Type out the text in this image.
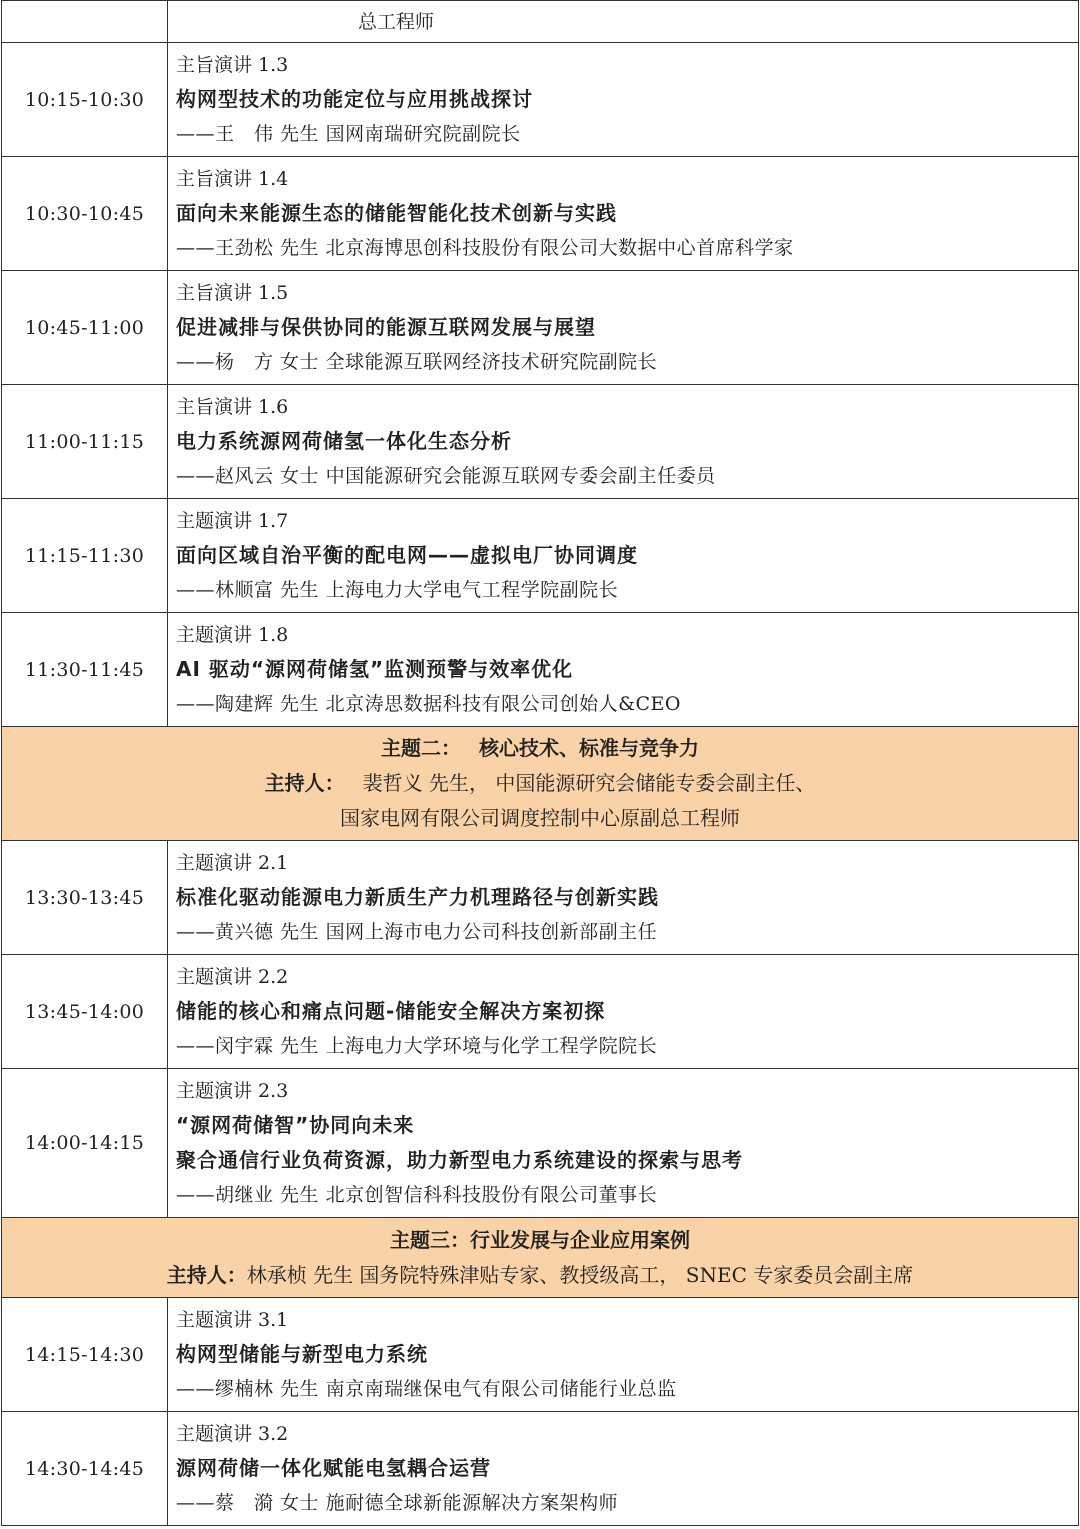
	总工程师

10:15-10:30	主旨演讲 1.3
构网型技术的功能定位与应用挑战探讨
——王　伟 先生 国网南瑞研究院副院长

10:30-10:45	主旨演讲 1.4
面向未来能源生态的储能智能化技术创新与实践
——王劲松 先生 北京海博思创科技股份有限公司大数据中心首席科学家

10:45-11:00	主旨演讲 1.5
促进减排与保供协同的能源互联网发展与展望
——杨　方 女士 全球能源互联网经济技术研究院副院长

11:00-11:15	主旨演讲 1.6
电力系统源网荷储氢一体化生态分析
——赵风云 女士 中国能源研究会能源互联网专委会副主任委员

11:15-11:30	主题演讲 1.7
面向区域自治平衡的配电网——虚拟电厂协同调度
——林顺富 先生 上海电力大学电气工程学院副院长

11:30-11:45	主题演讲 1.8
AI 驱动“源网荷储氢”监测预警与效率优化
——陶建辉 先生 北京涛思数据科技有限公司创始人&CEO

主题二： 核心技术、标准与竞争力
主持人： 裴哲义 先生， 中国能源研究会储能专委会副主任、
国家电网有限公司调度控制中心原副总工程师	

13:30-13:45	主题演讲 2.1
标准化驱动能源电力新质生产力机理路径与创新实践
——黄兴德 先生 国网上海市电力公司科技创新部副主任

13:45-14:00	主题演讲 2.2
储能的核心和痛点问题-储能安全解决方案初探
——闵宇霖 先生 上海电力大学环境与化学工程学院院长

14:00-14:15	主题演讲 2.3
“源网荷储智”协同向未来
聚合通信行业负荷资源，助力新型电力系统建设的探索与思考
——胡继业 先生 北京创智信科科技股份有限公司董事长

主题三：行业发展与企业应用案例
主持人：林承桢 先生 国务院特殊津贴专家、教授级高工， SNEC 专家委员会副主席	

14:15-14:30	主题演讲 3.1
构网型储能与新型电力系统
——缪楠林 先生 南京南瑞继保电气有限公司储能行业总监

14:30-14:45	主题演讲 3.2
源网荷储一体化赋能电氢耦合运营
——蔡　漪 女士 施耐德全球新能源解决方案架构师
